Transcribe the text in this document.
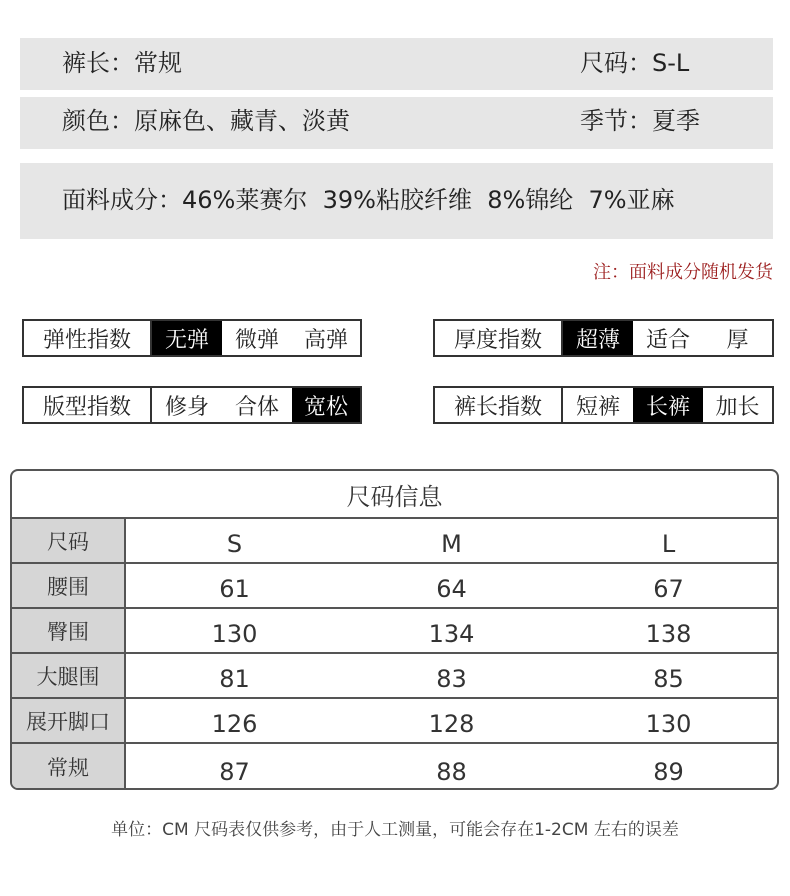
裤长：常规	尺码：S-L
颜色：原麻色、藏青、淡黄	季节：夏季
面料成分：46%莱赛尔  39%粘胶纤维  8%锦纶  7%亚麻
注：面料成分随机发货
弹性指数	无弹	微弹	高弹	厚度指数	超薄	适合	厚
版型指数	修身	合体	宽松	裤长指数	短裤	长裤	加长
尺码信息
尺码	S	M	L
腰围	61	64	67
臀围	130	134	138
大腿围	81	83	85
展开脚口	126	128	130
常规	87	88	89
单位：CM 尺码表仅供参考，由于人工测量，可能会存在1-2CM 左右的误差
